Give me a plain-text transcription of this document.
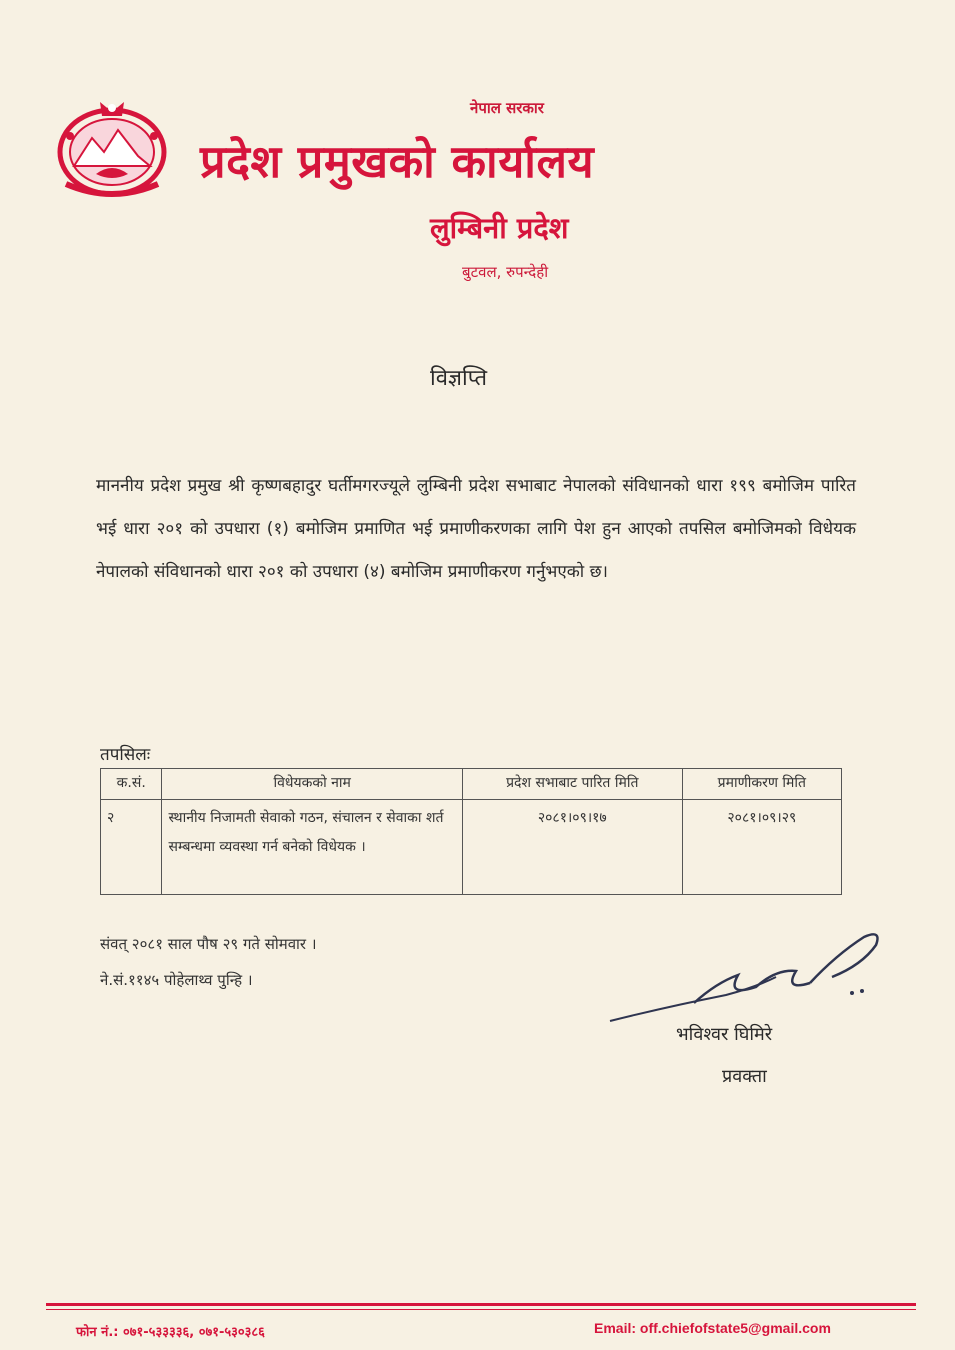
नेपाल सरकार
प्रदेश प्रमुखको कार्यालय
लुम्बिनी प्रदेश
बुटवल, रुपन्देही
विज्ञप्ति
माननीय प्रदेश प्रमुख श्री कृष्णबहादुर घर्तीमगरज्यूले लुम्बिनी प्रदेश सभाबाट नेपालको संविधानको धारा १९९ बमोजिम पारित भई धारा २०१ को उपधारा (१) बमोजिम प्रमाणित भई प्रमाणीकरणका लागि पेश हुन आएको तपसिल बमोजिमको विधेयक नेपालको संविधानको धारा २०१ को उपधारा (४) बमोजिम प्रमाणीकरण गर्नुभएको छ।
तपसिलः
क.सं.	विधेयकको नाम	प्रदेश सभाबाट पारित मिति	प्रमाणीकरण मिति
२	स्थानीय निजामती सेवाको गठन, संचालन र सेवाका शर्त सम्बन्धमा व्यवस्था गर्न बनेको विधेयक ।	२०८१।०९।१७	२०८१।०९।२९
संवत् २०८१ साल पौष २९ गते सोमवार ।
ने.सं.११४५ पोहेलाथ्व पुन्हि ।
भविश्वर घिमिरे
प्रवक्ता
फोन नं.: ०७१-५३३३३६, ०७१-५३०३८६	Email: off.chiefofstate5@gmail.com
